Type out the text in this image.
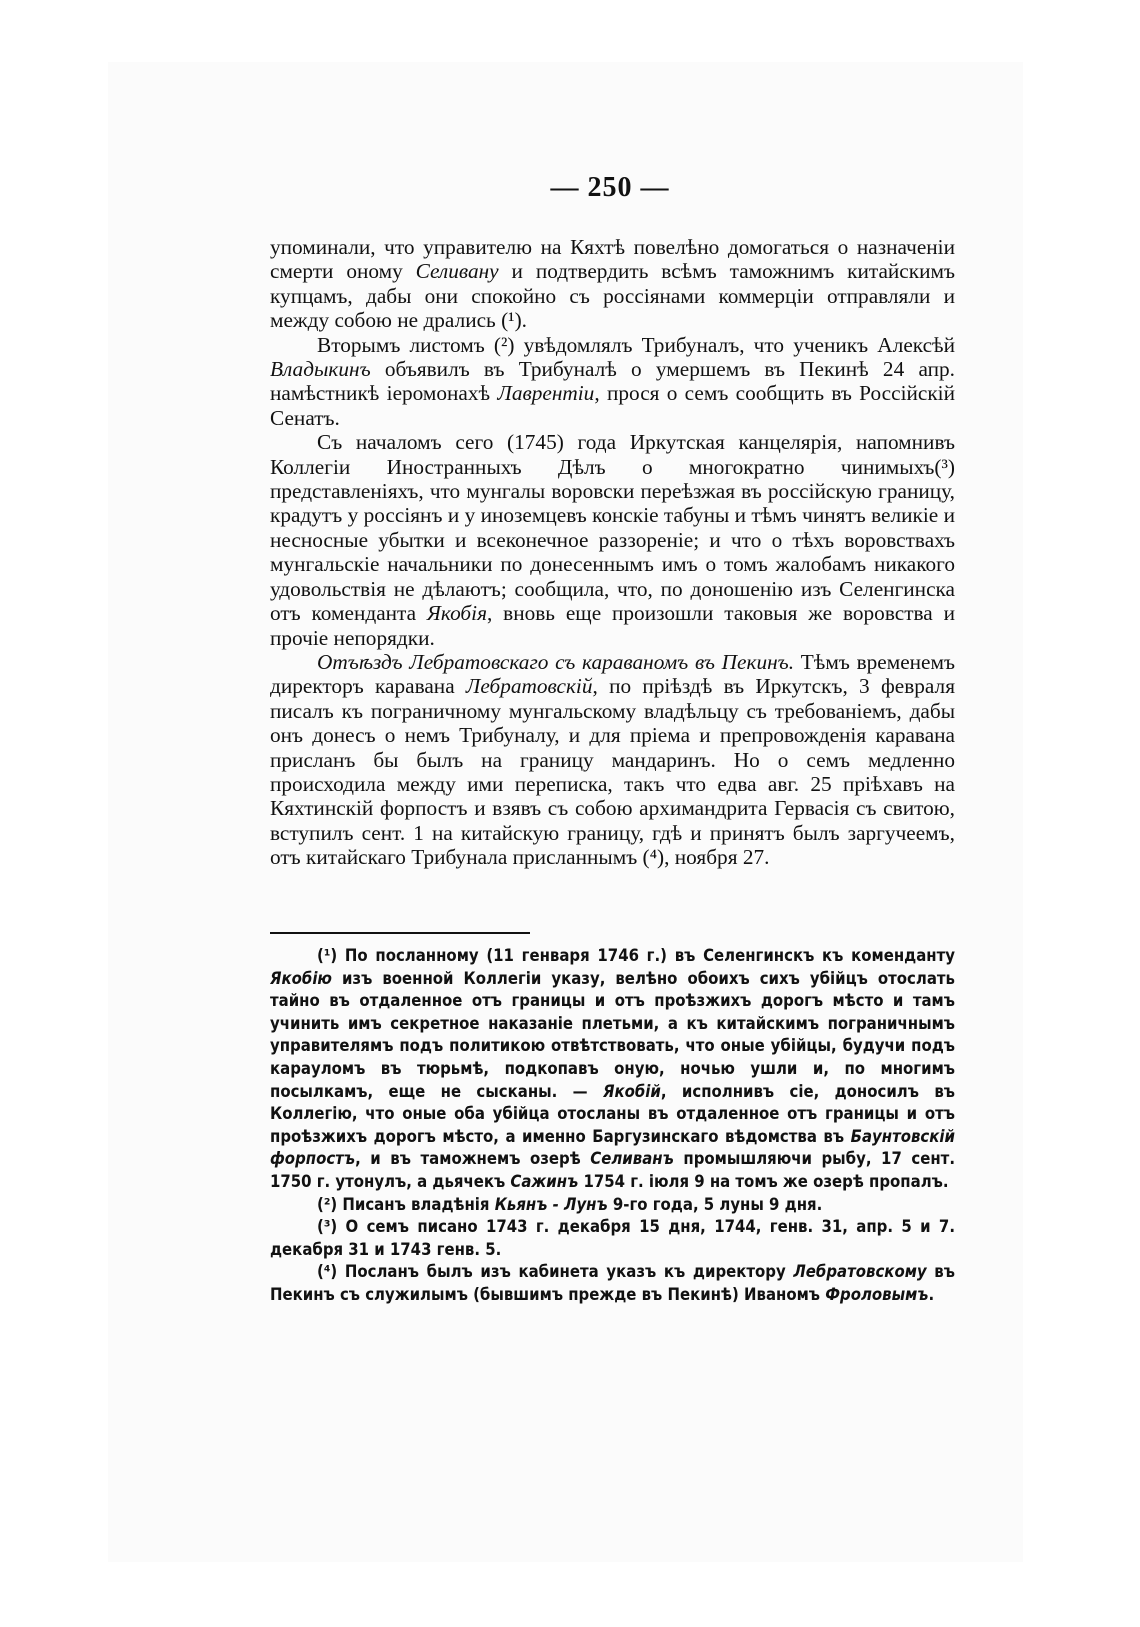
— 250 —

упоминали, что управителю на Кяхтѣ повелѣно домогаться о назначеніи смерти оному Селивану и подтвердить всѣмъ таможнимъ китайскимъ купцамъ, дабы они спокойно съ россіянами коммерціи отправляли и между собою не дрались (¹).

Вторымъ листомъ (²) увѣдомлялъ Трибуналъ, что ученикъ Алексѣй Владыкинъ объявилъ въ Трибуналѣ о умершемъ въ Пекинѣ 24 апр. намѣстникѣ іеромонахѣ Лаврентіи, прося о семъ сообщить въ Россійскій Сенатъ.

Съ началомъ сего (1745) года Иркутская канцелярія, напомнивъ Коллегіи Иностранныхъ Дѣлъ о многократно чинимыхъ(³) представленіяхъ, что мунгалы воровски переѣзжая въ россійскую границу, крадутъ у россіянъ и у иноземцевъ конскіе табуны и тѣмъ чинятъ великіе и несносные убытки и всеконечное раззореніе; и что о тѣхъ воровствахъ мунгальскіе начальники по донесеннымъ имъ о томъ жалобамъ никакого удовольствія не дѣлаютъ; сообщила, что, по доношенію изъ Селенгинска отъ коменданта Якобія, вновь еще произошли таковыя же воровства и прочіе непорядки.

Отъѣздъ Лебратовскаго съ караваномъ въ Пекинъ. Тѣмъ временемъ директоръ каравана Лебратовскій, по пріѣздѣ въ Иркутскъ, 3 февраля писалъ къ пограничному мунгальскому владѣльцу съ требованіемъ, дабы онъ донесъ о немъ Трибуналу, и для пріема и препровожденія каравана присланъ бы былъ на границу мандаринъ. Но о семъ медленно происходила между ими переписка, такъ что едва авг. 25 пріѣхавъ на Кяхтинскій форпостъ и взявъ съ собою архимандрита Гервасія съ свитою, вступилъ сент. 1 на китайскую границу, гдѣ и принятъ былъ заргучеемъ, отъ китайскаго Трибунала присланнымъ (⁴), ноября 27.

(¹) По посланному (11 генваря 1746 г.) въ Селенгинскъ къ коменданту Якобію изъ военной Коллегіи указу, велѣно обоихъ сихъ убійцъ отослать тайно въ отдаленное отъ границы и отъ проѣзжихъ дорогъ мѣсто и тамъ учинить имъ секретное наказаніе плетьми, а къ китайскимъ пограничнымъ управителямъ подъ политикою отвѣтствовать, что оные убійцы, будучи подъ карауломъ въ тюрьмѣ, подкопавъ оную, ночью ушли и, по многимъ посылкамъ, еще не сысканы. — Якобій, исполнивъ сіе, доносилъ въ Коллегію, что оные оба убійца отосланы въ отдаленное отъ границы и отъ проѣзжихъ дорогъ мѣсто, а именно Баргузинскаго вѣдомства въ Баунтовскій форпостъ, и въ таможнемъ озерѣ Селиванъ промышляючи рыбу, 17 сент. 1750 г. утонулъ, а дьячекъ Сажинъ 1754 г. іюля 9 на томъ же озерѣ пропалъ.

(²) Писанъ владѣнія Кьянъ - Лунъ 9-го года, 5 луны 9 дня.

(³) О семъ писано 1743 г. декабря 15 дня, 1744, генв. 31, апр. 5 и 7. декабря 31 и 1743 генв. 5.

(⁴) Посланъ былъ изъ кабинета указъ къ директору Лебратовскому въ Пекинъ съ служилымъ (бывшимъ прежде въ Пекинѣ) Иваномъ Фроловымъ.
